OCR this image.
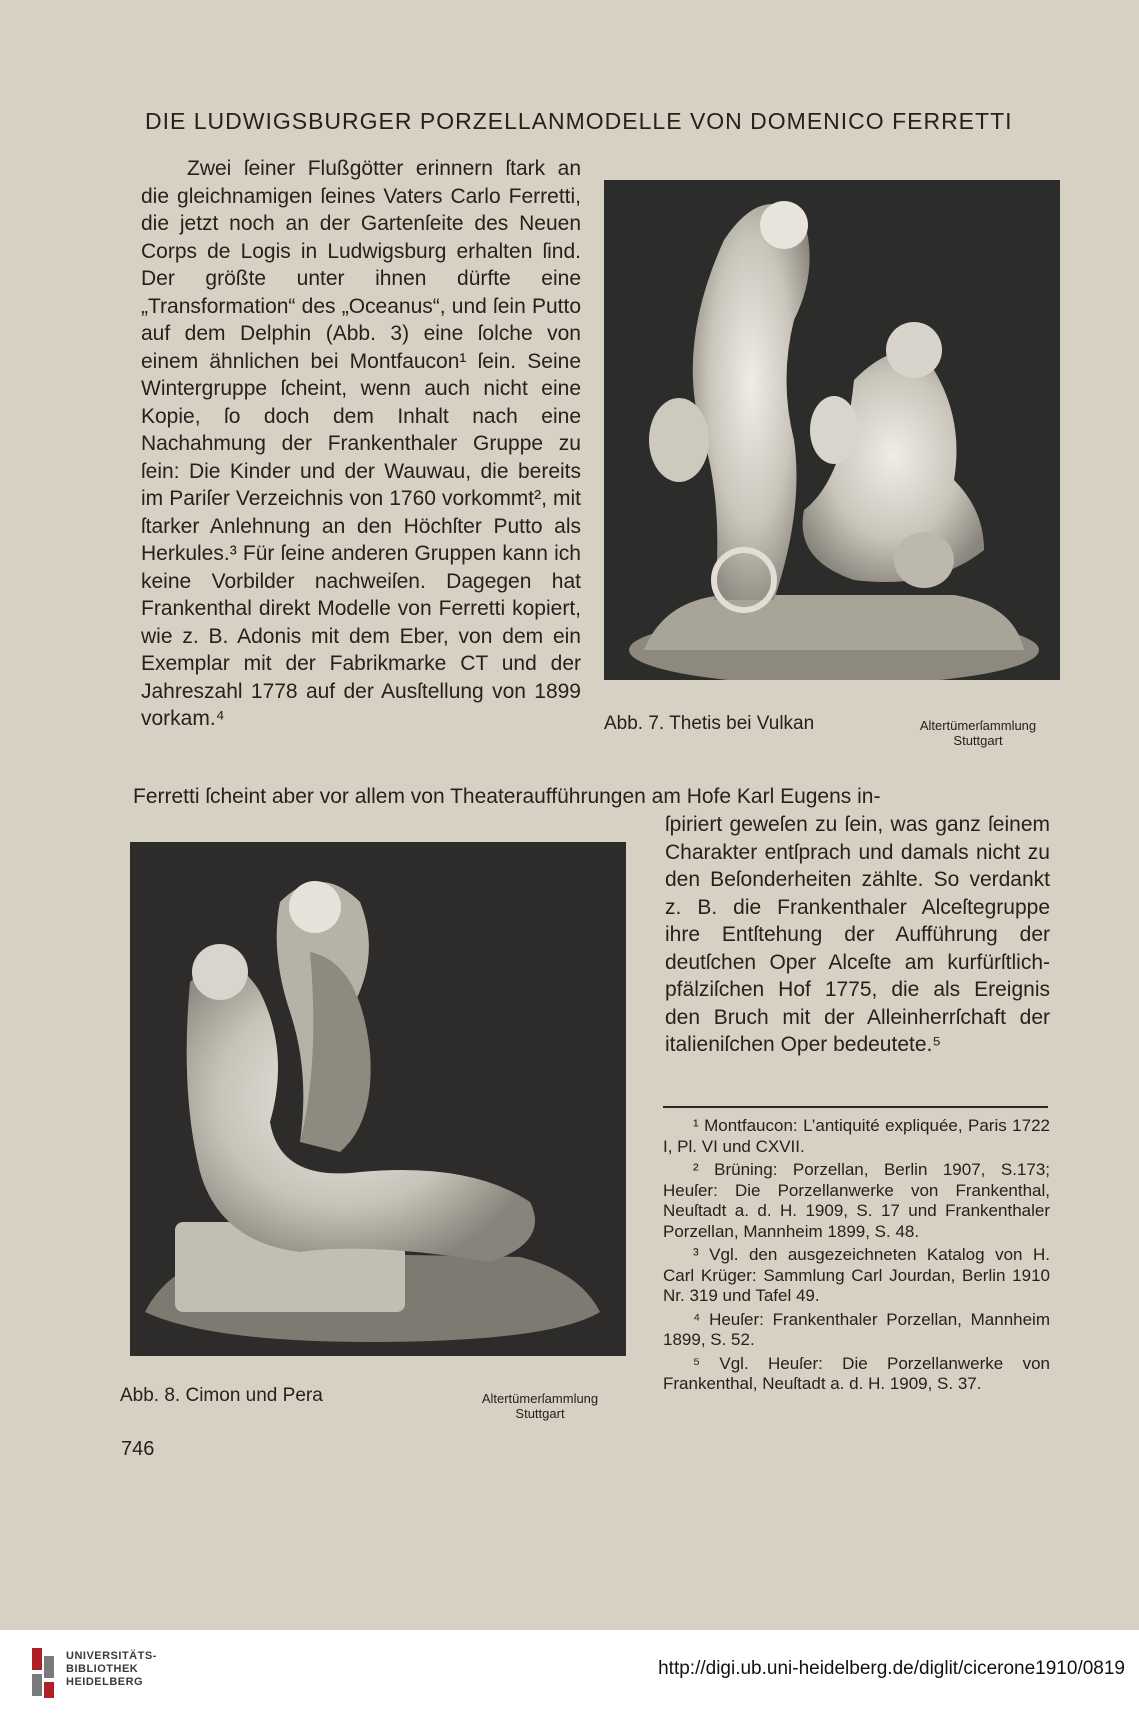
DIE LUDWIGSBURGER PORZELLANMODELLE VON DOMENICO FERRETTI

Zwei ſeiner Flußgötter erinnern ſtark an die gleichnamigen ſeines Vaters Carlo Ferretti, die jetzt noch an der Gartenſeite des Neuen Corps de Logis in Ludwigsburg erhalten ſind. Der größte unter ihnen dürfte eine „Transformation“ des „Oceanus“, und ſein Putto auf dem Delphin (Abb. 3) eine ſolche von einem ähnlichen bei Montfaucon¹ ſein. Seine Wintergruppe ſcheint, wenn auch nicht eine Kopie, ſo doch dem Inhalt nach eine Nachahmung der Frankenthaler Gruppe zu ſein: Die Kinder und der Wauwau, die bereits im Pariſer Verzeichnis von 1760 vorkommt², mit ſtarker Anlehnung an den Höchſter Putto als Herkules.³ Für ſeine anderen Gruppen kann ich keine Vorbilder nachweiſen. Dagegen hat Frankenthal direkt Modelle von Ferretti kopiert, wie z. B. Adonis mit dem Eber, von dem ein Exemplar mit der Fabrikmarke CT und der Jahreszahl 1778 auf der Ausſtellung von 1899 vorkam.⁴	Abb. 7. Thetis bei Vulkan	Altertümerſammlung
Stuttgart
Ferretti ſcheint aber vor allem von Theateraufführungen am Hofe Karl Eugens in-
Abb. 8. Cimon und Pera	Altertümerſammlung
Stuttgart

ſpiriert geweſen zu ſein, was ganz ſeinem Charakter entſprach und damals nicht zu den Beſonderheiten zählte. So verdankt z. B. die Frankenthaler Alceſtegruppe ihre Entſtehung der Aufführung der deutſchen Oper Alceſte am kurfürſtlich-pfälziſchen Hof 1775, die als Ereignis den Bruch mit der Alleinherrſchaft der italieniſchen Oper bedeutete.⁵

¹ Montfaucon: L’antiquité expliquée, Paris 1722 I, Pl. VI und CXVII.

² Brüning: Porzellan, Berlin 1907, S.173; Heuſer: Die Porzellanwerke von Frankenthal, Neuſtadt a. d. H. 1909, S. 17 und Frankenthaler Porzellan, Mannheim 1899, S. 48.

³ Vgl. den ausgezeichneten Katalog von H. Carl Krüger: Sammlung Carl Jourdan, Berlin 1910 Nr. 319 und Tafel 49.

⁴ Heuſer: Frankenthaler Porzellan, Mannheim 1899, S. 52.

⁵ Vgl. Heuſer: Die Porzellanwerke von Frankenthal, Neuſtadt a. d. H. 1909, S. 37.

746
UNIVERSITÄTS-
BIBLIOTHEK
HEIDELBERG
http://digi.ub.uni-heidelberg.de/diglit/cicerone1910/0819
